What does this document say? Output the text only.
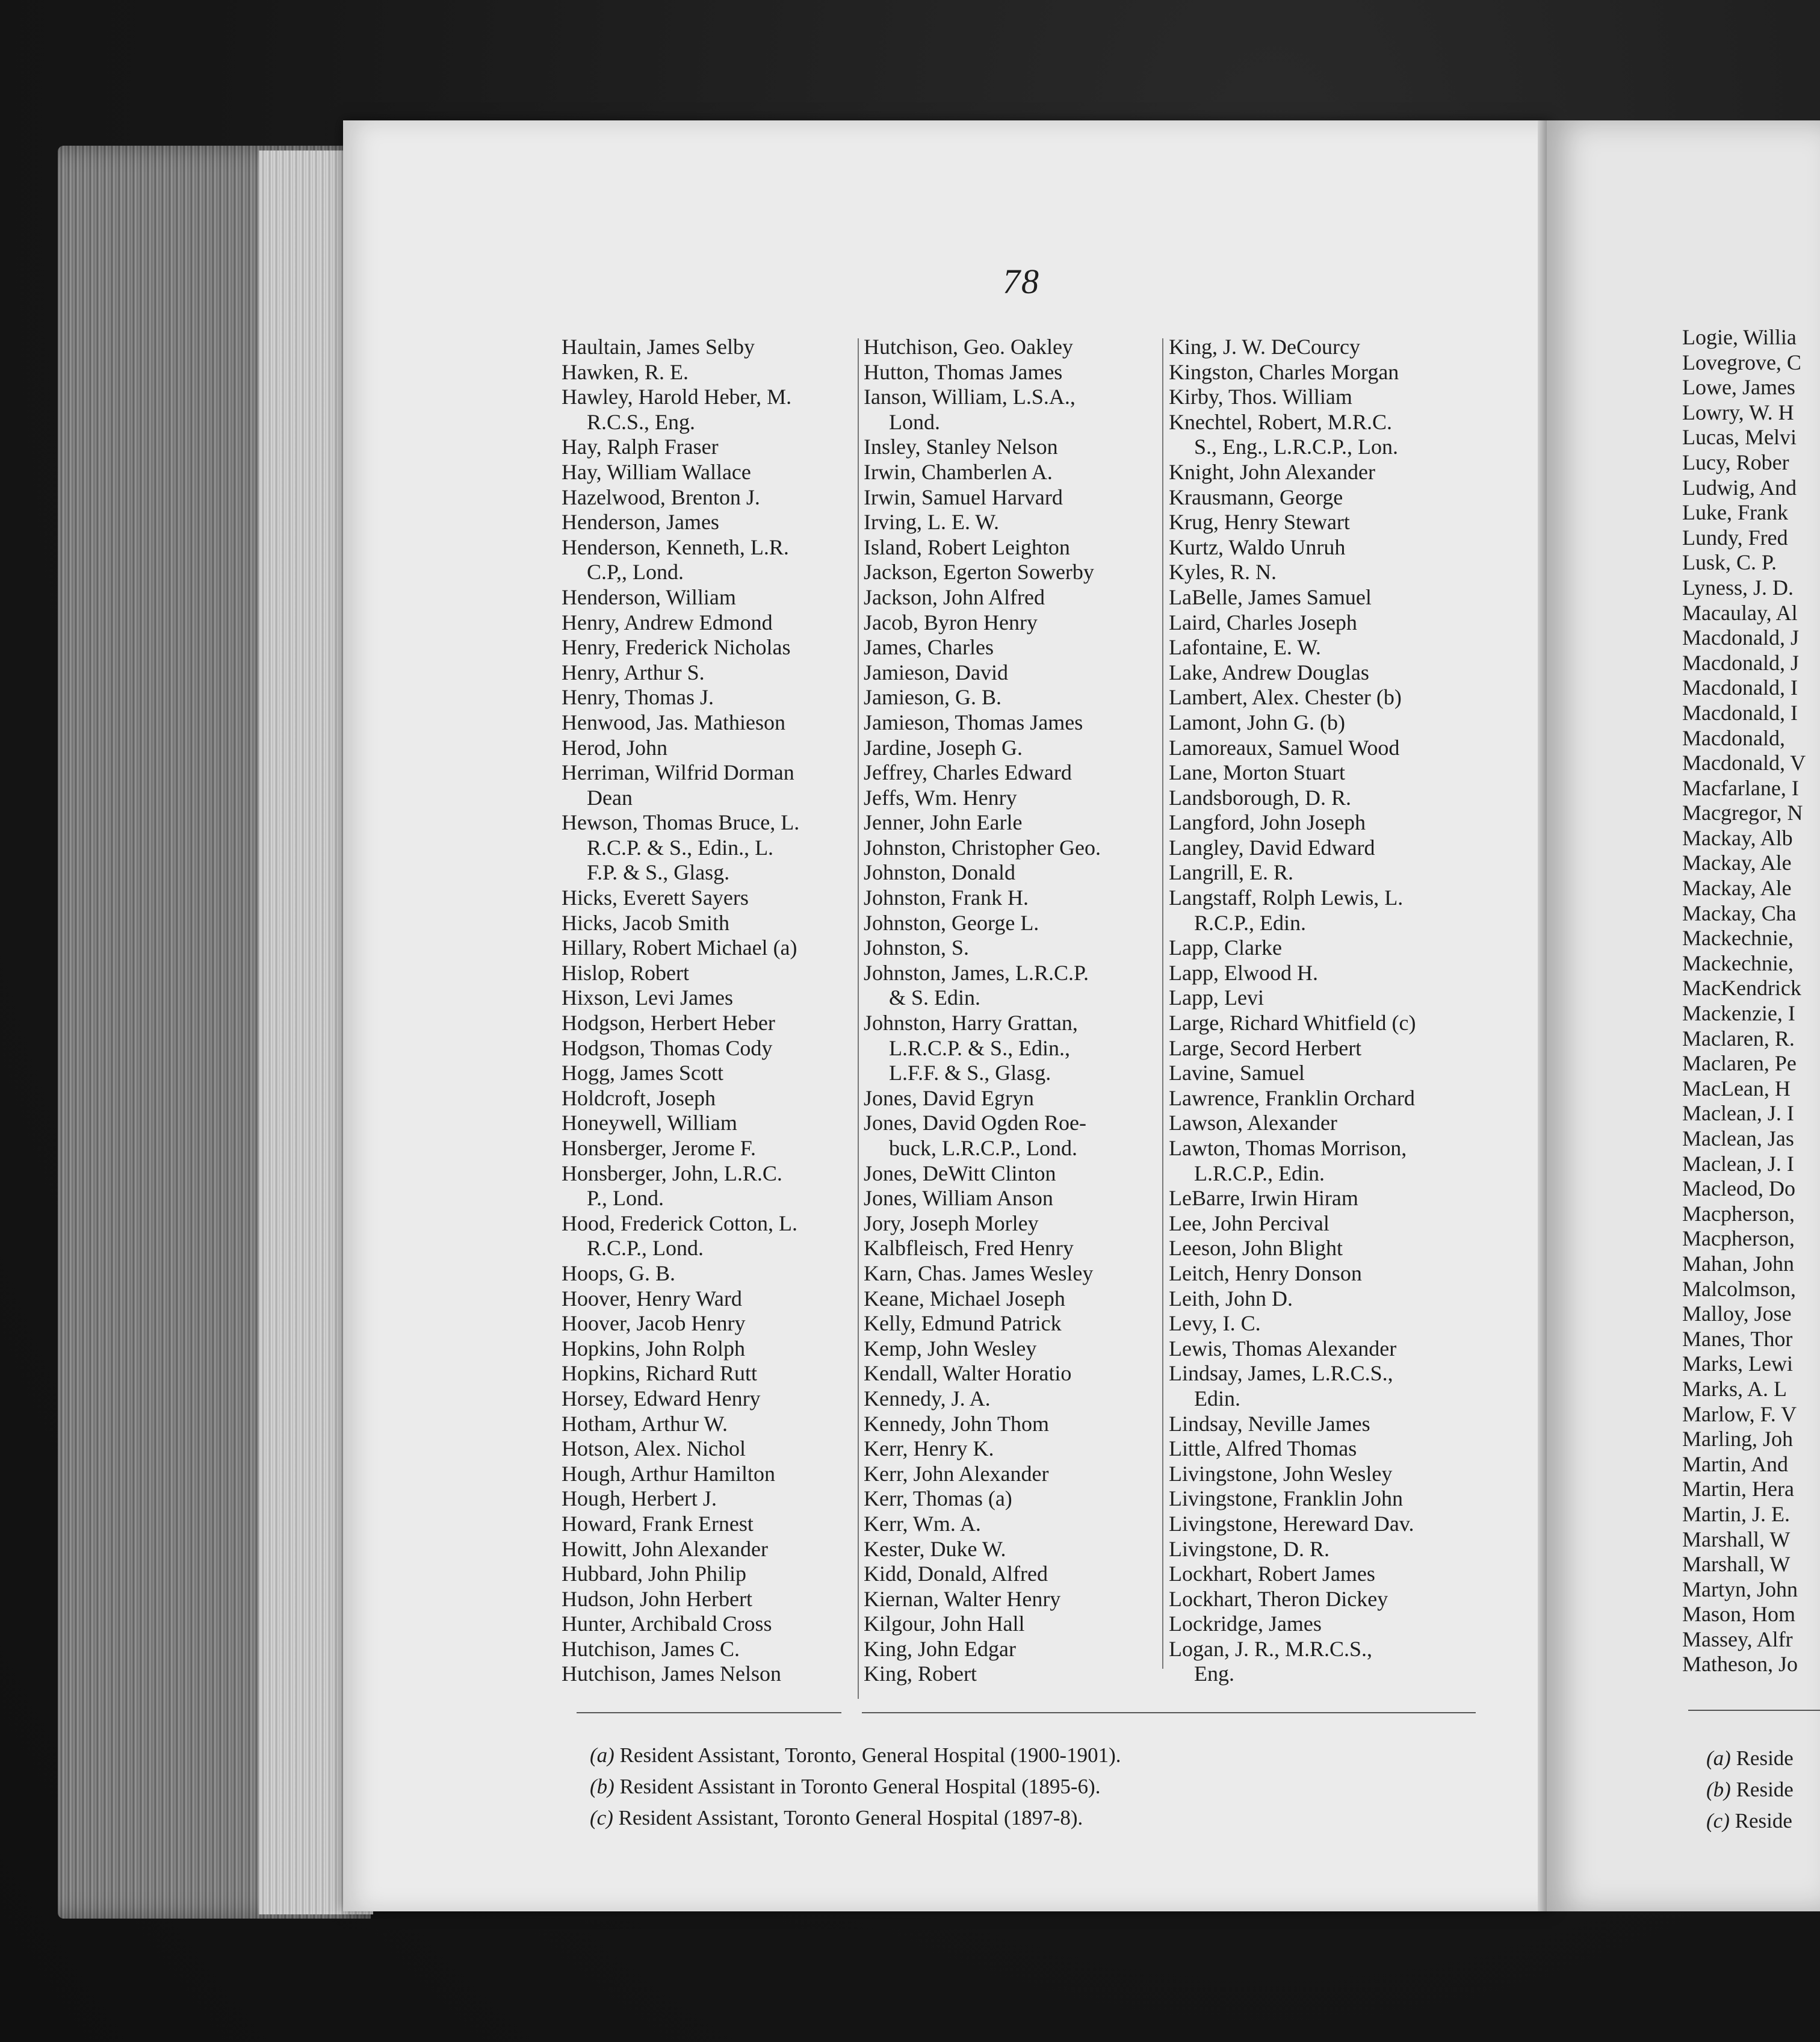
78
Haultain, James Selby
Hawken, R. E.
Hawley, Harold Heber, M.
R.C.S., Eng.
Hay, Ralph Fraser
Hay, William Wallace
Hazelwood, Brenton J.
Henderson, James
Henderson, Kenneth, L.R.
C.P,, Lond.
Henderson, William
Henry, Andrew Edmond
Henry, Frederick Nicholas
Henry, Arthur S.
Henry, Thomas J.
Henwood, Jas. Mathieson
Herod, John
Herriman, Wilfrid Dorman
Dean
Hewson, Thomas Bruce, L.
R.C.P. & S., Edin., L.
F.P. & S., Glasg.
Hicks, Everett Sayers
Hicks, Jacob Smith
Hillary, Robert Michael (a)
Hislop, Robert
Hixson, Levi James
Hodgson, Herbert Heber
Hodgson, Thomas Cody
Hogg, James Scott
Holdcroft, Joseph
Honeywell, William
Honsberger, Jerome F.
Honsberger, John, L.R.C.
P., Lond.
Hood, Frederick Cotton, L.
R.C.P., Lond.
Hoops, G. B.
Hoover, Henry Ward
Hoover, Jacob Henry
Hopkins, John Rolph
Hopkins, Richard Rutt
Horsey, Edward Henry
Hotham, Arthur W.
Hotson, Alex. Nichol
Hough, Arthur Hamilton
Hough, Herbert J.
Howard, Frank Ernest
Howitt, John Alexander
Hubbard, John Philip
Hudson, John Herbert
Hunter, Archibald Cross
Hutchison, James C.
Hutchison, James Nelson
Hutchison, Geo. Oakley
Hutton, Thomas James
Ianson, William, L.S.A.,
Lond.
Insley, Stanley Nelson
Irwin, Chamberlen A.
Irwin, Samuel Harvard
Irving, L. E. W.
Island, Robert Leighton
Jackson, Egerton Sowerby
Jackson, John Alfred
Jacob, Byron Henry
James, Charles
Jamieson, David
Jamieson, G. B.
Jamieson, Thomas James
Jardine, Joseph G.
Jeffrey, Charles Edward
Jeffs, Wm. Henry
Jenner, John Earle
Johnston, Christopher Geo.
Johnston, Donald
Johnston, Frank H.
Johnston, George L.
Johnston, S.
Johnston, James, L.R.C.P.
& S. Edin.
Johnston, Harry Grattan,
L.R.C.P. & S., Edin.,
L.F.F. & S., Glasg.
Jones, David Egryn
Jones, David Ogden Roe-
buck, L.R.C.P., Lond.
Jones, DeWitt Clinton
Jones, William Anson
Jory, Joseph Morley
Kalbfleisch, Fred Henry
Karn, Chas. James Wesley
Keane, Michael Joseph
Kelly, Edmund Patrick
Kemp, John Wesley
Kendall, Walter Horatio
Kennedy, J. A.
Kennedy, John Thom
Kerr, Henry K.
Kerr, John Alexander
Kerr, Thomas (a)
Kerr, Wm. A.
Kester, Duke W.
Kidd, Donald, Alfred
Kiernan, Walter Henry
Kilgour, John Hall
King, John Edgar
King, Robert
King, J. W. DeCourcy
Kingston, Charles Morgan
Kirby, Thos. William
Knechtel, Robert, M.R.C.
S., Eng., L.R.C.P., Lon.
Knight, John Alexander
Krausmann, George
Krug, Henry Stewart
Kurtz, Waldo Unruh
Kyles, R. N.
LaBelle, James Samuel
Laird, Charles Joseph
Lafontaine, E. W.
Lake, Andrew Douglas
Lambert, Alex. Chester (b)
Lamont, John G. (b)
Lamoreaux, Samuel Wood
Lane, Morton Stuart
Landsborough, D. R.
Langford, John Joseph
Langley, David Edward
Langrill, E. R.
Langstaff, Rolph Lewis, L.
R.C.P., Edin.
Lapp, Clarke
Lapp, Elwood H.
Lapp, Levi
Large, Richard Whitfield (c)
Large, Secord Herbert
Lavine, Samuel
Lawrence, Franklin Orchard
Lawson, Alexander
Lawton, Thomas Morrison,
L.R.C.P., Edin.
LeBarre, Irwin Hiram
Lee, John Percival
Leeson, John Blight
Leitch, Henry Donson
Leith, John D.
Levy, I. C.
Lewis, Thomas Alexander
Lindsay, James, L.R.C.S.,
Edin.
Lindsay, Neville James
Little, Alfred Thomas
Livingstone, John Wesley
Livingstone, Franklin John
Livingstone, Hereward Dav.
Livingstone, D. R.
Lockhart, Robert James
Lockhart, Theron Dickey
Lockridge, James
Logan, J. R., M.R.C.S.,
Eng.
(a) Resident Assistant, Toronto, General Hospital (1900-1901).
(b) Resident Assistant in Toronto General Hospital (1895-6).
(c) Resident Assistant, Toronto General Hospital (1897-8).
Logie, Willia
Lovegrove, C
Lowe, James
Lowry, W. H
Lucas, Melvi
Lucy, Rober
Ludwig, And
Luke, Frank
Lundy, Fred
Lusk, C. P.
Lyness, J. D.
Macaulay, Al
Macdonald, J
Macdonald, J
Macdonald, I
Macdonald, I
Macdonald,
Macdonald, V
Macfarlane, I
Macgregor, N
Mackay, Alb
Mackay, Ale
Mackay, Ale
Mackay, Cha
Mackechnie,
Mackechnie,
MacKendrick
Mackenzie, I
Maclaren, R.
Maclaren, Pe
MacLean, H
Maclean, J. I
Maclean, Jas
Maclean, J. I
Macleod, Do
Macpherson,
Macpherson,
Mahan, John
Malcolmson,
Malloy, Jose
Manes, Thor
Marks, Lewi
Marks, A. L
Marlow, F. V
Marling, Joh
Martin, And
Martin, Hera
Martin, J. E.
Marshall, W
Marshall, W
Martyn, John
Mason, Hom
Massey, Alfr
Matheson, Jo
(a) Reside
(b) Reside
(c) Reside
